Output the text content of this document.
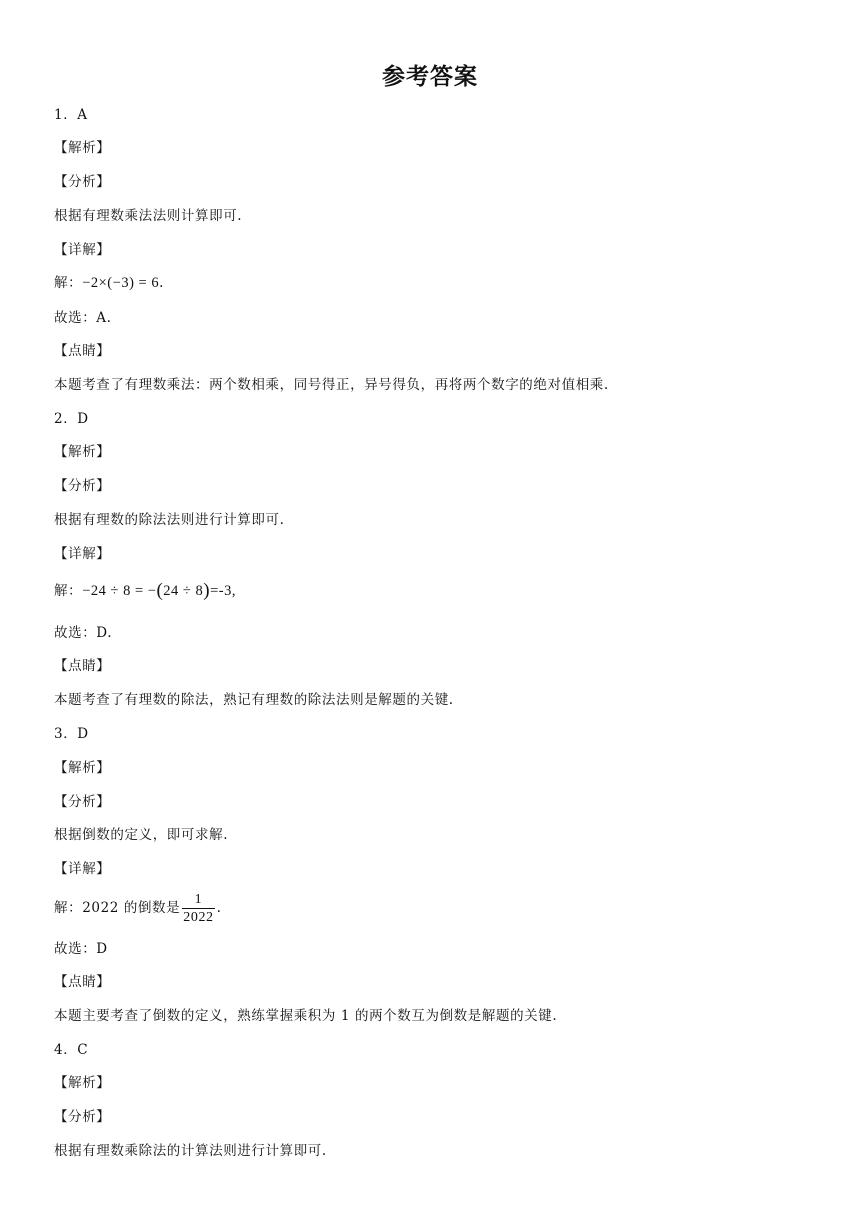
参考答案
1．A
【解析】
【分析】
根据有理数乘法法则计算即可.
【详解】
解：−2×(−3) = 6.
故选：A.
【点睛】
本题考查了有理数乘法：两个数相乘，同号得正，异号得负，再将两个数字的绝对值相乘.
2．D
【解析】
【分析】
根据有理数的除法法则进行计算即可.
【详解】
解：−24 ÷ 8 = −(24 ÷ 8)=-3,
故选：D.
【点睛】
本题考查了有理数的除法，熟记有理数的除法法则是解题的关键.
3．D
【解析】
【分析】
根据倒数的定义，即可求解.
【详解】
解：2022 的倒数是 $\frac{1}{2022}$ .
故选：D
【点睛】
本题主要考查了倒数的定义，熟练掌握乘积为 1 的两个数互为倒数是解题的关键.
4．C
【解析】
【分析】
根据有理数乘除法的计算法则进行计算即可.
